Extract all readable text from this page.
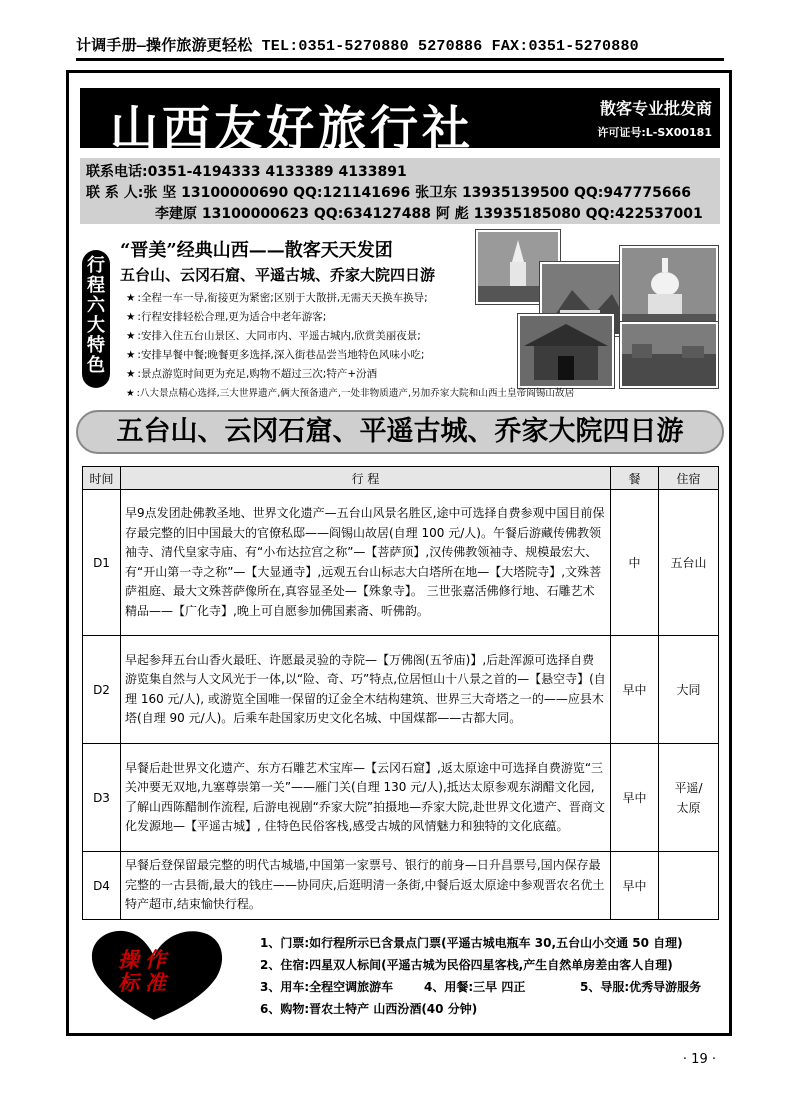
计调手册—操作旅游更轻松 TEL:0351-5270880 5270886 FAX:0351-5270880
山西友好旅行社	散客专业批发商
许可证号:L-SX00181
联系电话:0351-4194333 4133389 4133891
联 系 人:张 坚 13100000690 QQ:121141696 张卫东 13935139500 QQ:947775666
李建原 13100000623 QQ:634127488 阿 彪 13935185080 QQ:422537001
行程六大特色
“晋美”经典山西——散客天天发团
五台山、云冈石窟、平遥古城、乔家大院四日游
★ :全程一车一导,衔接更为紧密;区别于大散拼,无需天天换车换导;
★ :行程安排轻松合理,更为适合中老年游客;
★ :安排入住五台山景区、大同市内、平遥古城内,欣赏美丽夜景;
★ :安排早餐中餐;晚餐更多选择,深入街巷品尝当地特色风味小吃;
★ :景点游览时间更为充足,购物不超过三次;特产+汾酒
★ :八大景点精心选择,三大世界遗产,俩大预备遗产,一处非物质遗产,另加乔家大院和山西土皇帝阎锡山故居
五台山、云冈石窟、平遥古城、乔家大院四日游
时间	行 程	餐	住宿
D1	早9点发团赴佛教圣地、世界文化遗产—五台山风景名胜区,途中可选择自费参观中国目前保存最完整的旧中国最大的官僚私邸——阎锡山故居(自理 100 元/人)。午餐后游藏传佛教领袖寺、清代皇家寺庙、有“小布达拉宫之称”—【菩萨顶】,汉传佛教领袖寺、规模最宏大、有“开山第一寺之称”—【大显通寺】,远观五台山标志大白塔所在地—【大塔院寺】,文殊菩萨祖庭、最大文殊菩萨像所在,真容显圣处—【殊象寺】。 三世张嘉活佛修行地、石雕艺术精品——【广化寺】,晚上可自愿参加佛国素斋、听佛韵。	中	五台山
D2	早起参拜五台山香火最旺、许愿最灵验的寺院—【万佛阁(五爷庙)】,后赴浑源可选择自费游览集自然与人文风光于一体,以“险、奇、巧”特点,位居恒山十八景之首的—【悬空寺】(自理 160 元/人), 或游览全国唯一保留的辽金全木结构建筑、世界三大奇塔之一的——应县木塔(自理 90 元/人)。后乘车赴国家历史文化名城、中国煤都——古都大同。	早中	大同
D3	早餐后赴世界文化遗产、东方石雕艺术宝库—【云冈石窟】,返太原途中可选择自费游览“三关冲要无双地,九塞尊崇第一关”——雁门关(自理 130 元/人),抵达太原参观东湖醋文化园,了解山西陈醋制作流程, 后游电视剧“乔家大院”拍摄地—乔家大院,赴世界文化遗产、晋商文化发源地—【平遥古城】, 住特色民俗客栈,感受古城的风情魅力和独特的文化底蕴。	早中	平遥/太原
D4	早餐后登保留最完整的明代古城墙,中国第一家票号、银行的前身—日升昌票号,国内保存最完整的一古县衙,最大的钱庄——协同庆,后逛明清一条街,中餐后返太原途中参观晋农名优土特产超市,结束愉快行程。	早中	
操作标准
1、门票:如行程所示已含景点门票(平遥古城电瓶车 30,五台山小交通 50 自理)
2、住宿:四星双人标间(平遥古城为民俗四星客栈,产生自然单房差由客人自理)
3、用车:全程空调旅游车	4、用餐:三早 四正	5、导服:优秀导游服务
6、购物:晋农土特产 山西汾酒(40 分钟)
· 19 ·
